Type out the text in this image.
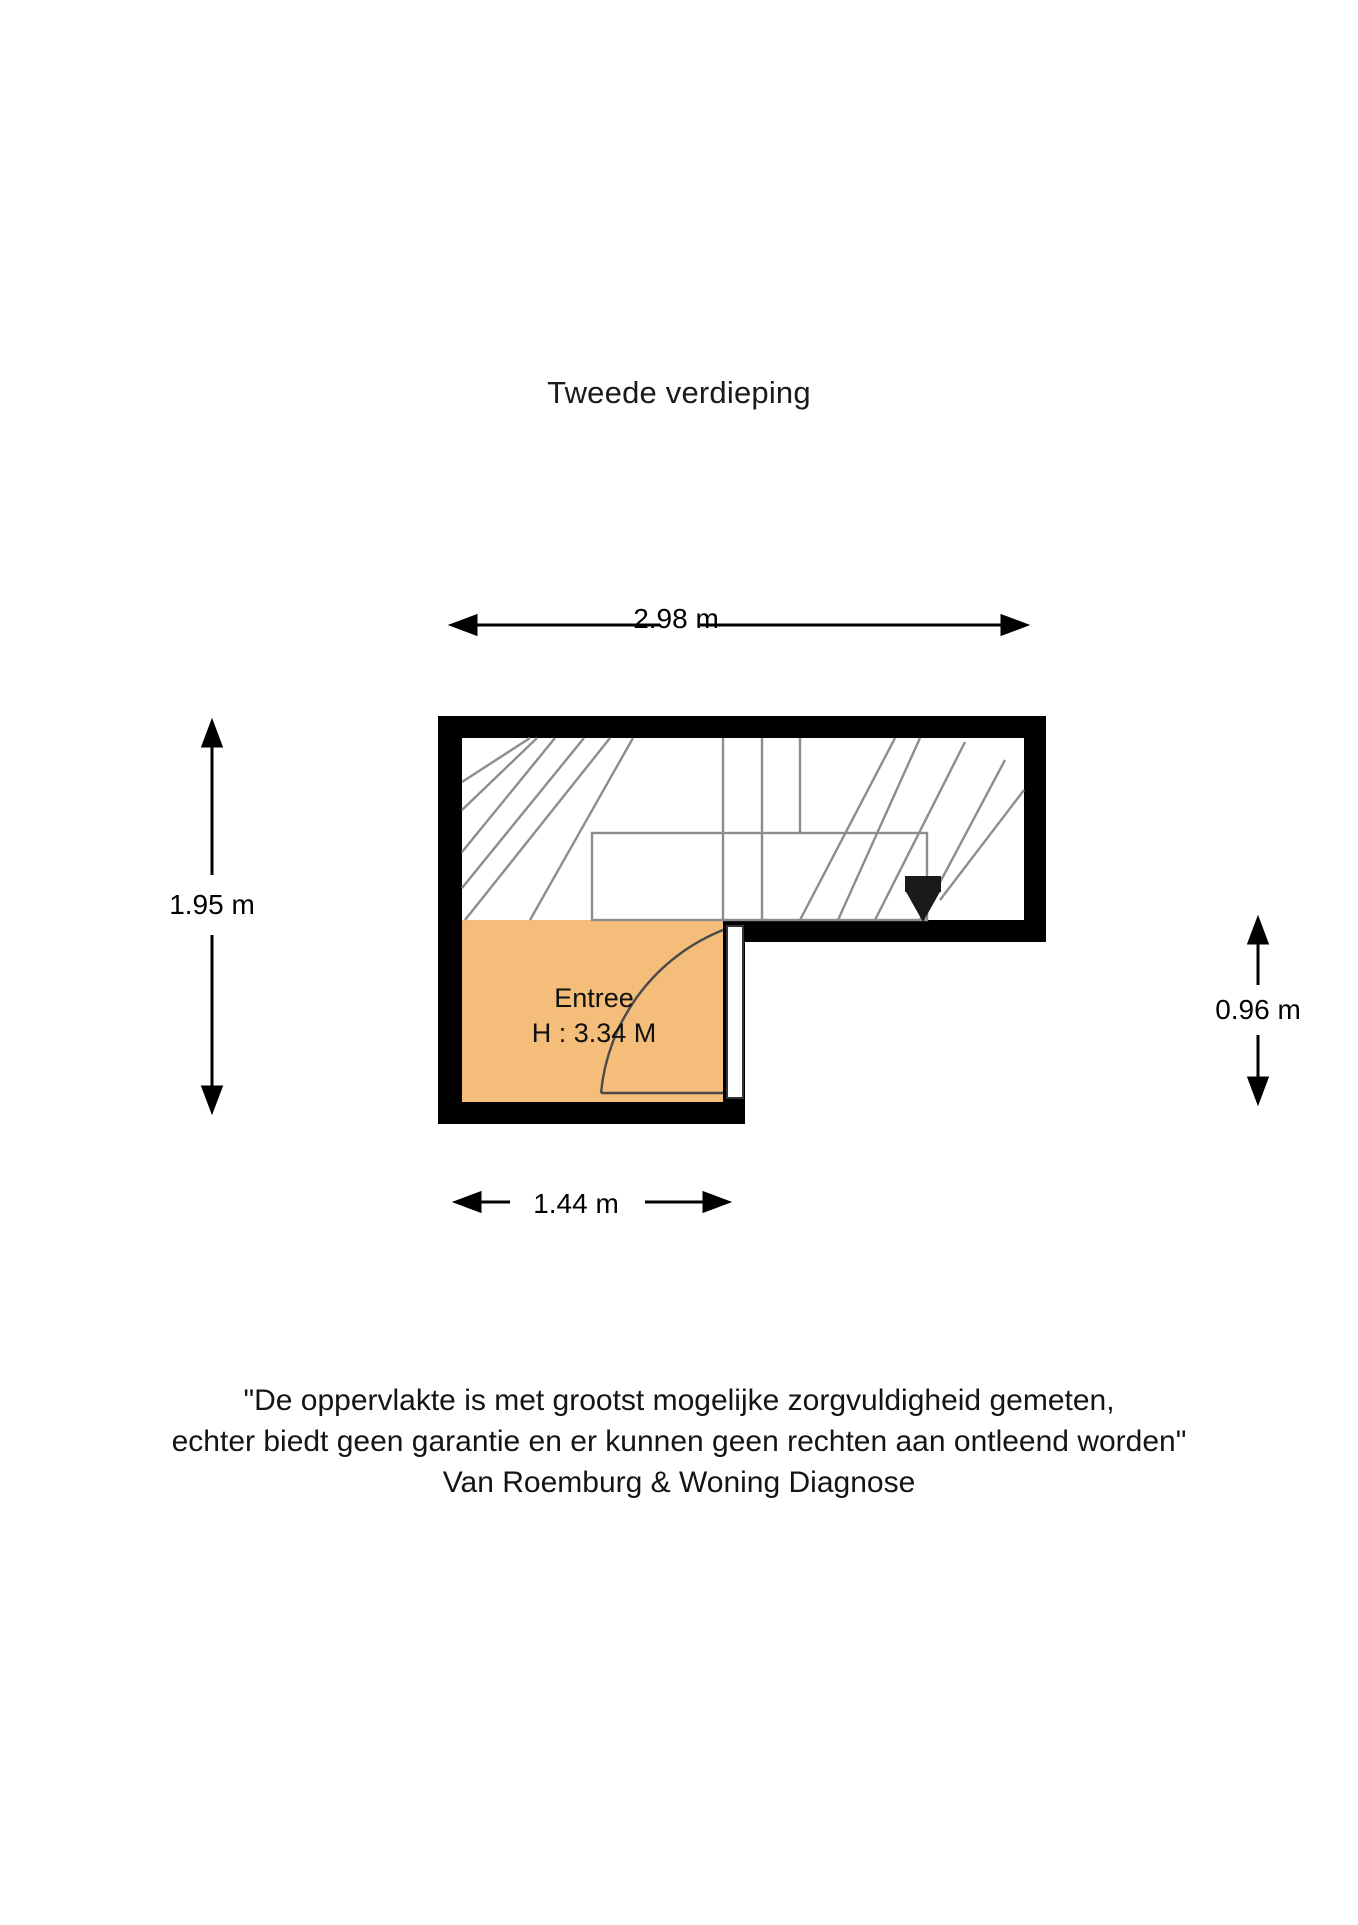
Tweede verdieping
2.98 m
1.95 m
0.96 m
1.44 m
Entree
H : 3.34 M
"De oppervlakte is met grootst mogelijke zorgvuldigheid gemeten,
echter biedt geen garantie en er kunnen geen rechten aan ontleend worden"
Van Roemburg & Woning Diagnose
